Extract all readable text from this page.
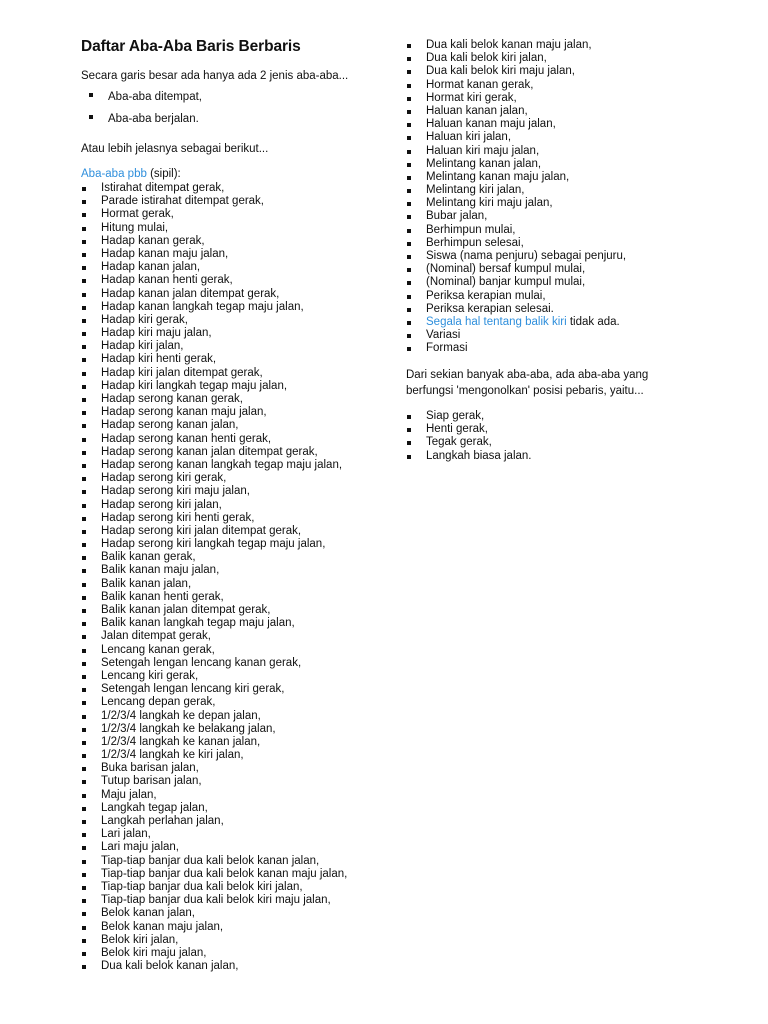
Daftar Aba-Aba Baris Berbaris
Secara garis besar ada hanya ada 2 jenis aba-aba...
Aba-aba ditempat,
Aba-aba berjalan.
Atau lebih jelasnya sebagai berikut...
Aba-aba pbb (sipil):
Istirahat ditempat gerak,
Parade istirahat ditempat gerak,
Hormat gerak,
Hitung mulai,
Hadap kanan gerak,
Hadap kanan maju jalan,
Hadap kanan jalan,
Hadap kanan henti gerak,
Hadap kanan jalan ditempat gerak,
Hadap kanan langkah tegap maju jalan,
Hadap kiri gerak,
Hadap kiri maju jalan,
Hadap kiri jalan,
Hadap kiri henti gerak,
Hadap kiri jalan ditempat gerak,
Hadap kiri langkah tegap maju jalan,
Hadap serong kanan gerak,
Hadap serong kanan maju jalan,
Hadap serong kanan jalan,
Hadap serong kanan henti gerak,
Hadap serong kanan jalan ditempat gerak,
Hadap serong kanan langkah tegap maju jalan,
Hadap serong kiri gerak,
Hadap serong kiri maju jalan,
Hadap serong kiri jalan,
Hadap serong kiri henti gerak,
Hadap serong kiri jalan ditempat gerak,
Hadap serong kiri langkah tegap maju jalan,
Balik kanan gerak,
Balik kanan maju jalan,
Balik kanan jalan,
Balik kanan henti gerak,
Balik kanan jalan ditempat gerak,
Balik kanan langkah tegap maju jalan,
Jalan ditempat gerak,
Lencang kanan gerak,
Setengah lengan lencang kanan gerak,
Lencang kiri gerak,
Setengah lengan lencang kiri gerak,
Lencang depan gerak,
1/2/3/4 langkah ke depan jalan,
1/2/3/4 langkah ke belakang jalan,
1/2/3/4 langkah ke kanan jalan,
1/2/3/4 langkah ke kiri jalan,
Buka barisan jalan,
Tutup barisan jalan,
Maju jalan,
Langkah tegap jalan,
Langkah perlahan jalan,
Lari jalan,
Lari maju jalan,
Tiap-tiap banjar dua kali belok kanan jalan,
Tiap-tiap banjar dua kali belok kanan maju jalan,
Tiap-tiap banjar dua kali belok kiri jalan,
Tiap-tiap banjar dua kali belok kiri maju jalan,
Belok kanan jalan,
Belok kanan maju jalan,
Belok kiri jalan,
Belok kiri maju jalan,
Dua kali belok kanan jalan,
Dua kali belok kanan maju jalan,
Dua kali belok kiri jalan,
Dua kali belok kiri maju jalan,
Hormat kanan gerak,
Hormat kiri gerak,
Haluan kanan jalan,
Haluan kanan maju jalan,
Haluan kiri jalan,
Haluan kiri maju jalan,
Melintang kanan jalan,
Melintang kanan maju jalan,
Melintang kiri jalan,
Melintang kiri maju jalan,
Bubar jalan,
Berhimpun mulai,
Berhimpun selesai,
Siswa (nama penjuru) sebagai penjuru,
(Nominal) bersaf kumpul mulai,
(Nominal) banjar kumpul mulai,
Periksa kerapian mulai,
Periksa kerapian selesai.
Segala hal tentang balik kiri tidak ada.
Variasi
Formasi
Dari sekian banyak aba-aba, ada aba-aba yang
berfungsi 'mengonolkan' posisi pebaris, yaitu...
Siap gerak,
Henti gerak,
Tegak gerak,
Langkah biasa jalan.
